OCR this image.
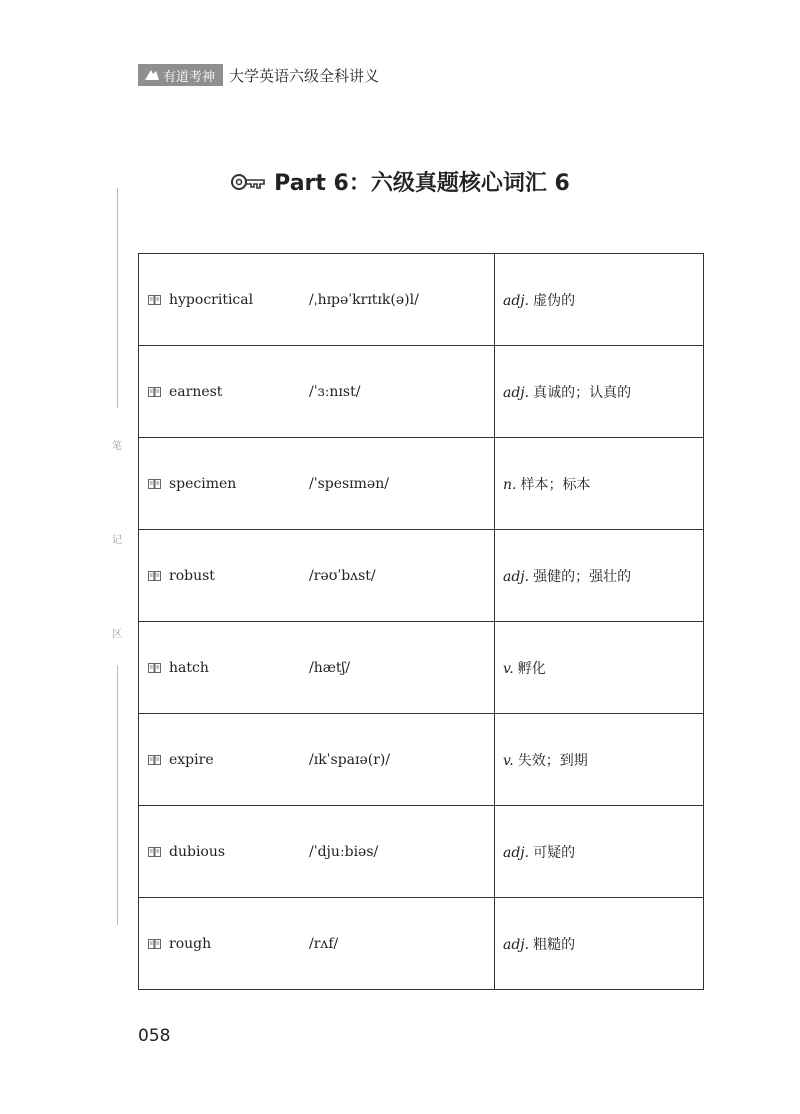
有道考神 大学英语六级全科讲义
笔
记
区
Part 6：六级真题核心词汇 6
hypocritical /ˌhɪpəˈkrɪtɪk(ə)l/	adj. 虚伪的

earnest /ˈɜːnɪst/	adj. 真诚的；认真的

specimen /ˈspesɪmən/	n. 样本；标本

robust /rəʊˈbʌst/	adj. 强健的；强壮的

hatch /hætʃ/	v. 孵化

expire /ɪkˈspaɪə(r)/	v. 失效；到期

dubious /ˈdjuːbiəs/	adj. 可疑的

rough /rʌf/	adj. 粗糙的
058
